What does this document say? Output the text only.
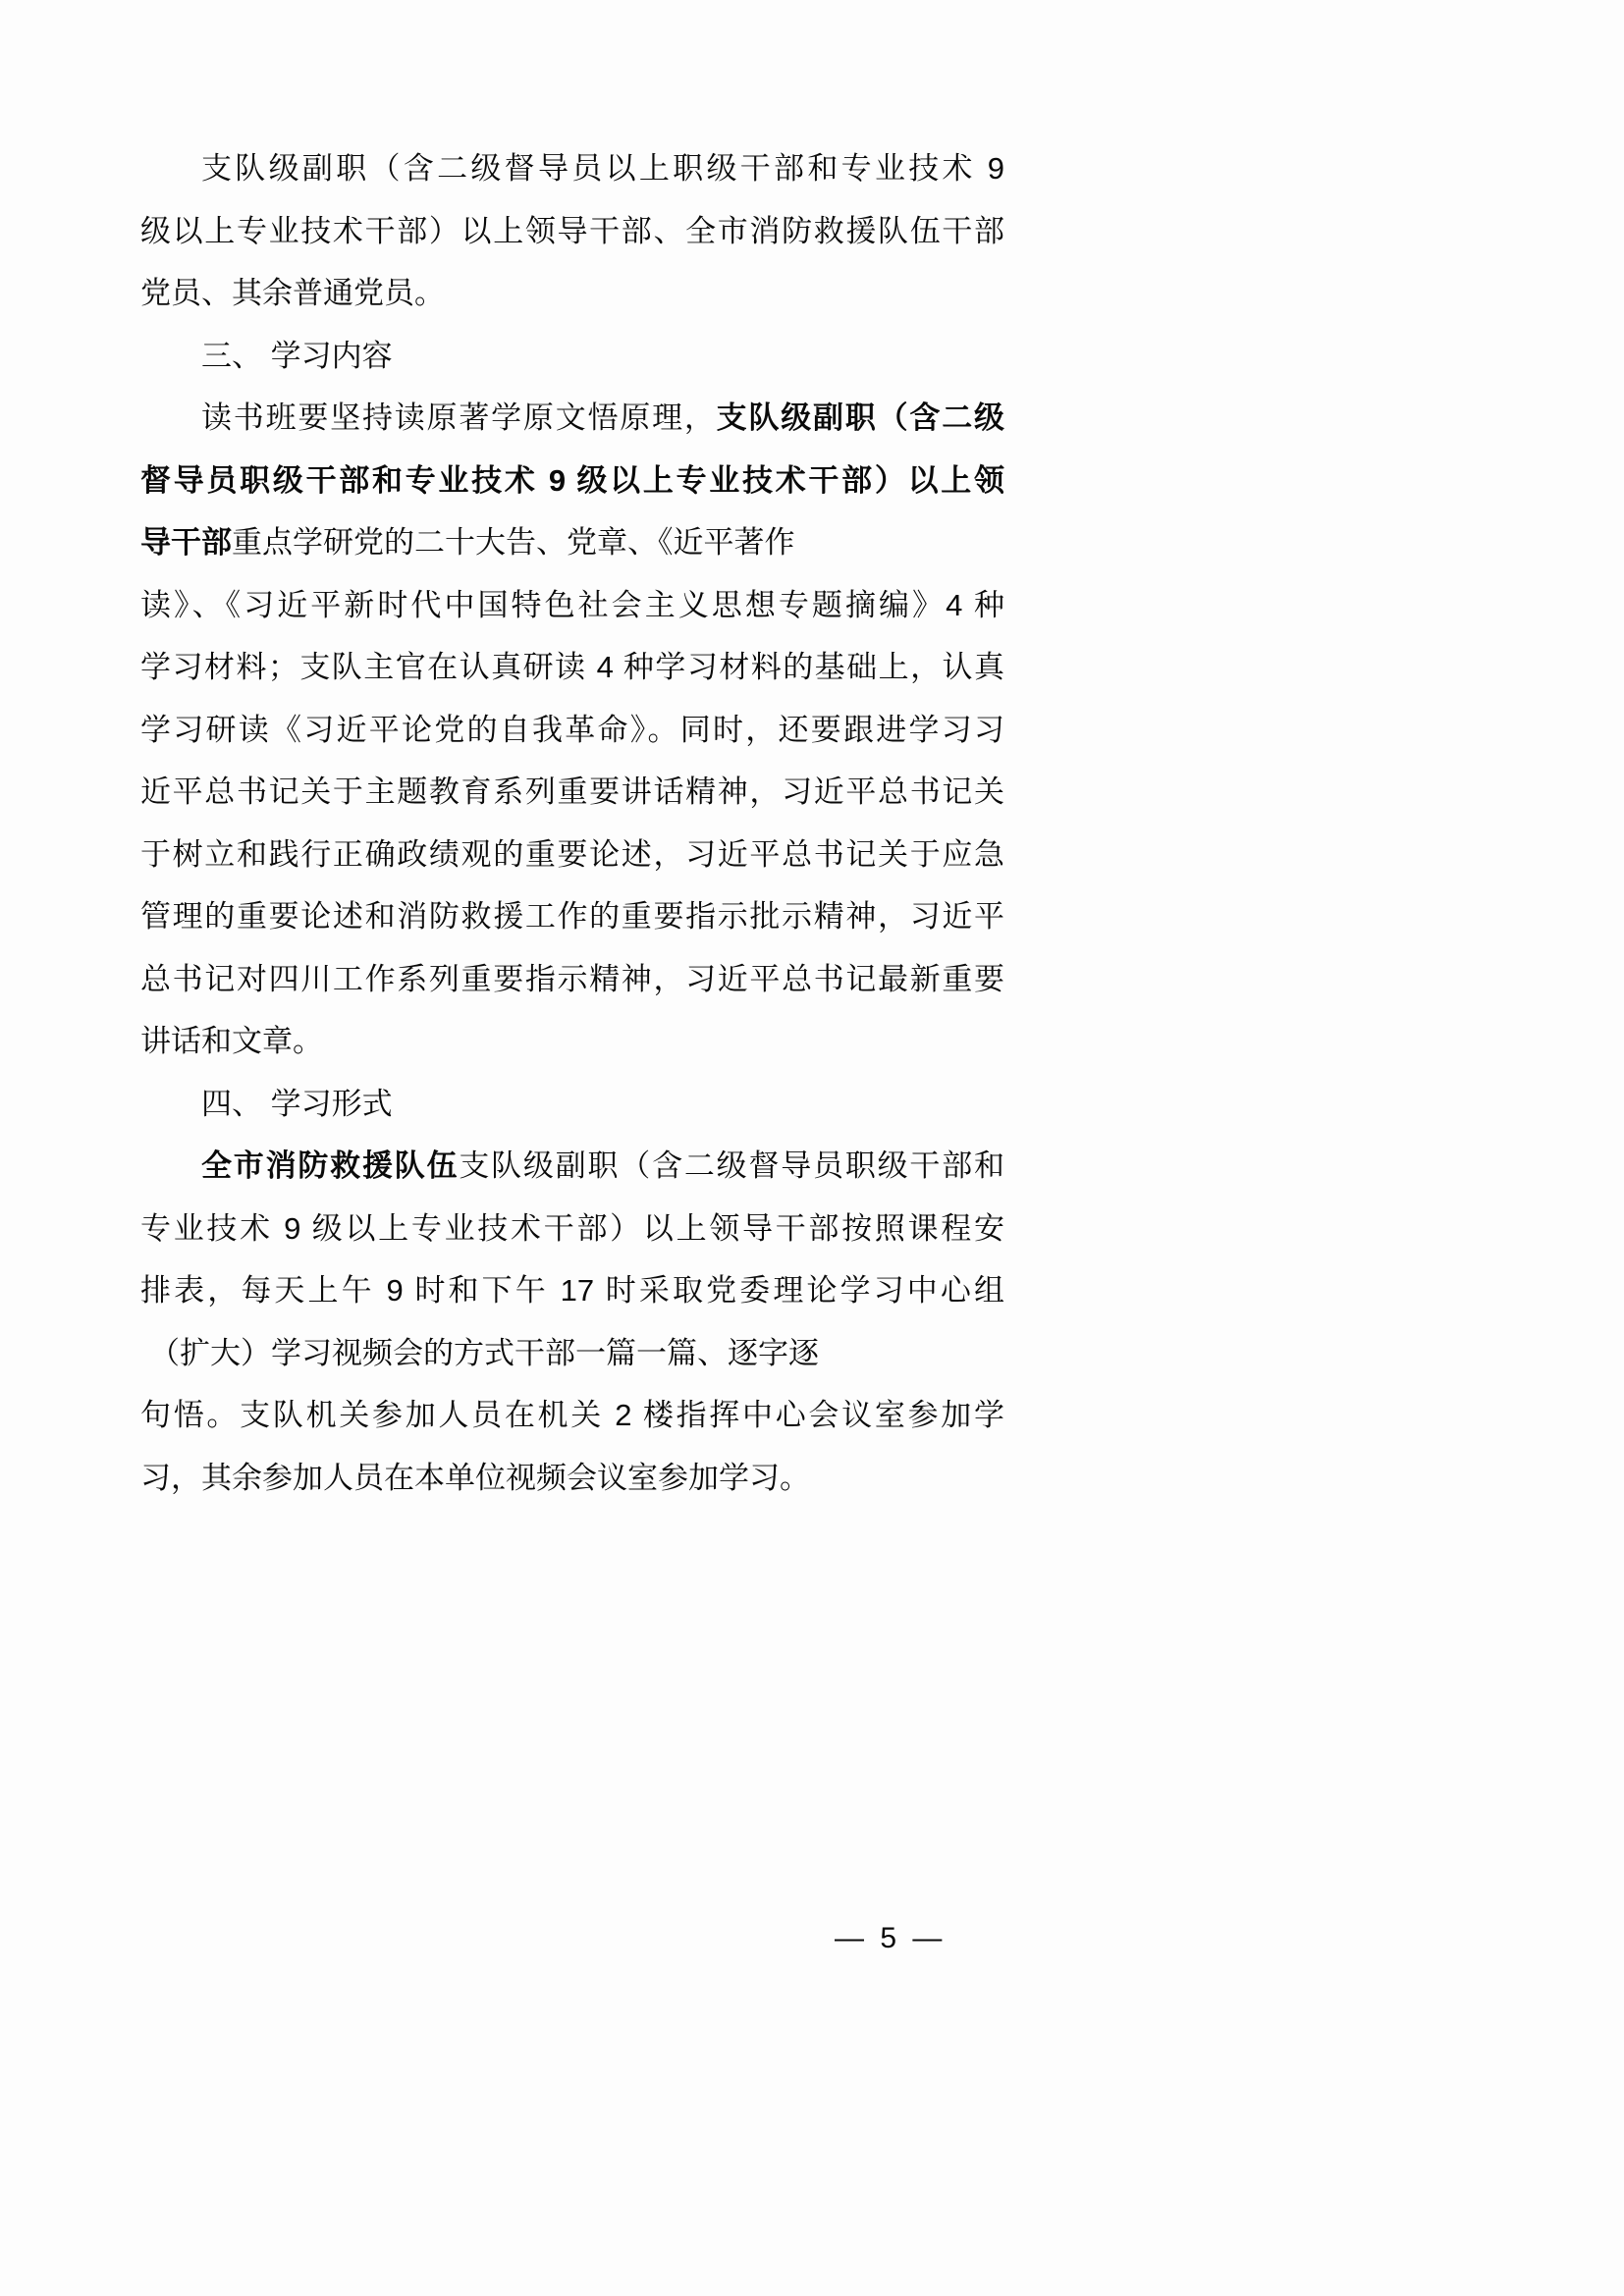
支队级副职（含二级督导员以上职级干部和专业技术 9
级以上专业技术干部）以上领导干部、全市消防救援队伍干部
党员、其余普通党员。
三、 学习内容
读书班要坚持读原著学原文悟原理，支队级副职（含二级
督导员职级干部和专业技术 9 级以上专业技术干部）以上领
导干部重点学研党的二十大告、党章、《近平著作
读》、《习近平新时代中国特色社会主义思想专题摘编》4 种
学习材料；支队主官在认真研读 4 种学习材料的基础上，认真
学习研读《习近平论党的自我革命》。同时，还要跟进学习习
近平总书记关于主题教育系列重要讲话精神，习近平总书记关
于树立和践行正确政绩观的重要论述，习近平总书记关于应急
管理的重要论述和消防救援工作的重要指示批示精神，习近平
总书记对四川工作系列重要指示精神，习近平总书记最新重要
讲话和文章。
四、 学习形式
全市消防救援队伍支队级副职（含二级督导员职级干部和
专业技术 9 级以上专业技术干部）以上领导干部按照课程安
排表，每天上午 9 时和下午 17 时采取党委理论学习中心组
（扩大）学习视频会的方式干部一篇一篇、逐字逐
句悟。支队机关参加人员在机关 2 楼指挥中心会议室参加学
习，其余参加人员在本单位视频会议室参加学习。
— 5 —
